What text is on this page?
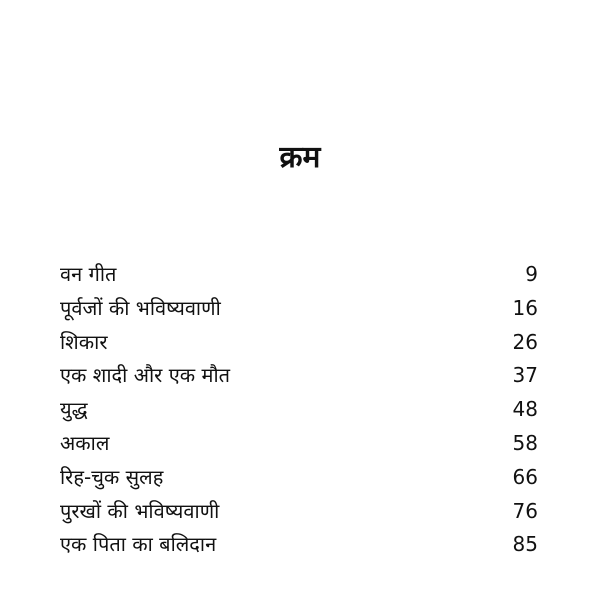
क्रम
वन गीत	9
पूर्वजों की भविष्यवाणी	16
शिकार	26
एक शादी और एक मौत	37
युद्ध	48
अकाल	58
रिह-चुक सुलह	66
पुरखों की भविष्यवाणी	76
एक पिता का बलिदान	85
